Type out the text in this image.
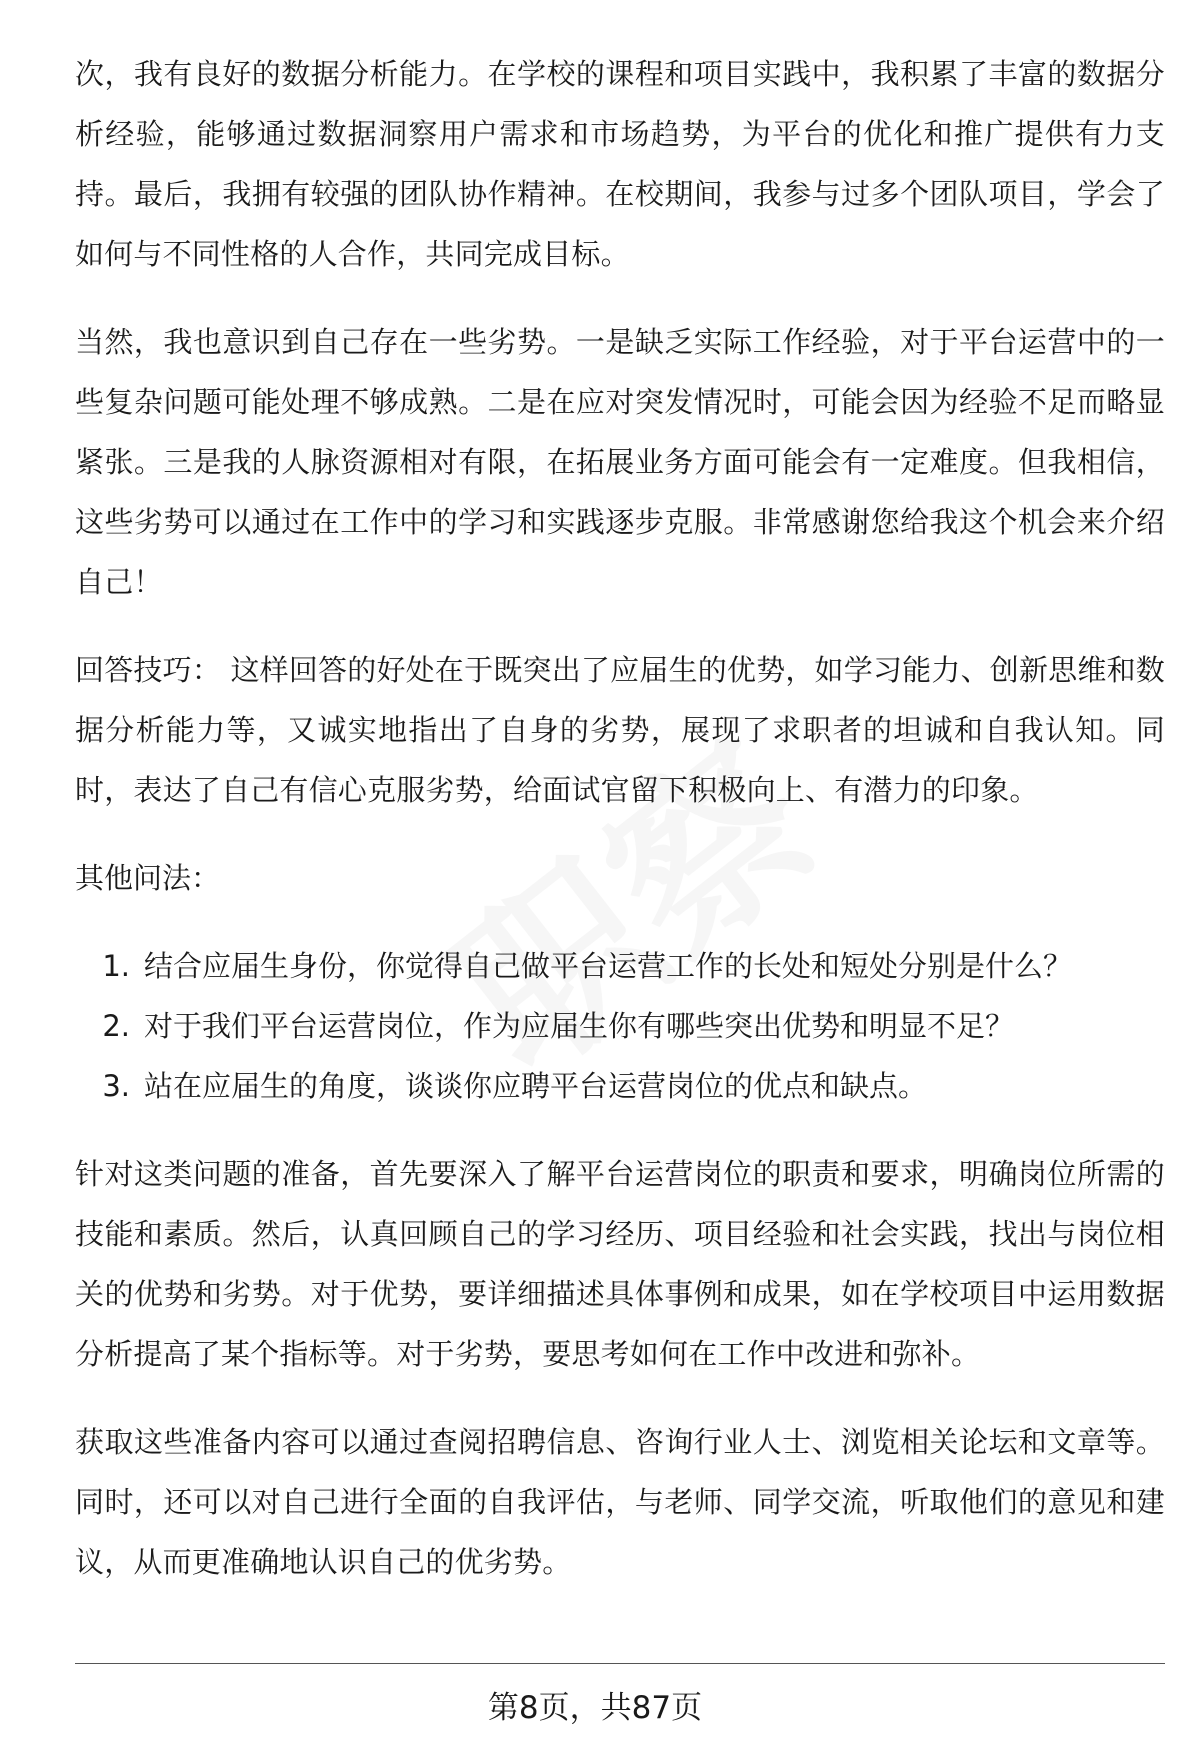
次，我有良好的数据分析能力。在学校的课程和项目实践中，我积累了丰富的数据分析经验，能够通过数据洞察用户需求和市场趋势，为平台的优化和推广提供有力支持。最后，我拥有较强的团队协作精神。在校期间，我参与过多个团队项目，学会了如何与不同性格的人合作，共同完成目标。

当然，我也意识到自己存在一些劣势。一是缺乏实际工作经验，对于平台运营中的一些复杂问题可能处理不够成熟。二是在应对突发情况时，可能会因为经验不足而略显紧张。三是我的人脉资源相对有限，在拓展业务方面可能会有一定难度。但我相信，这些劣势可以通过在工作中的学习和实践逐步克服。非常感谢您给我这个机会来介绍自己！

回答技巧： 这样回答的好处在于既突出了应届生的优势，如学习能力、创新思维和数据分析能力等，又诚实地指出了自身的劣势，展现了求职者的坦诚和自我认知。同时，表达了自己有信心克服劣势，给面试官留下积极向上、有潜力的印象。

其他问法：

1. 结合应届生身份，你觉得自己做平台运营工作的长处和短处分别是什么？
2. 对于我们平台运营岗位，作为应届生你有哪些突出优势和明显不足？
3. 站在应届生的角度，谈谈你应聘平台运营岗位的优点和缺点。

针对这类问题的准备，首先要深入了解平台运营岗位的职责和要求，明确岗位所需的技能和素质。然后，认真回顾自己的学习经历、项目经验和社会实践，找出与岗位相关的优势和劣势。对于优势，要详细描述具体事例和成果，如在学校项目中运用数据分析提高了某个指标等。对于劣势，要思考如何在工作中改进和弥补。

获取这些准备内容可以通过查阅招聘信息、咨询行业人士、浏览相关论坛和文章等。同时，还可以对自己进行全面的自我评估，与老师、同学交流，听取他们的意见和建议，从而更准确地认识自己的优劣势。

第8页，共87页
